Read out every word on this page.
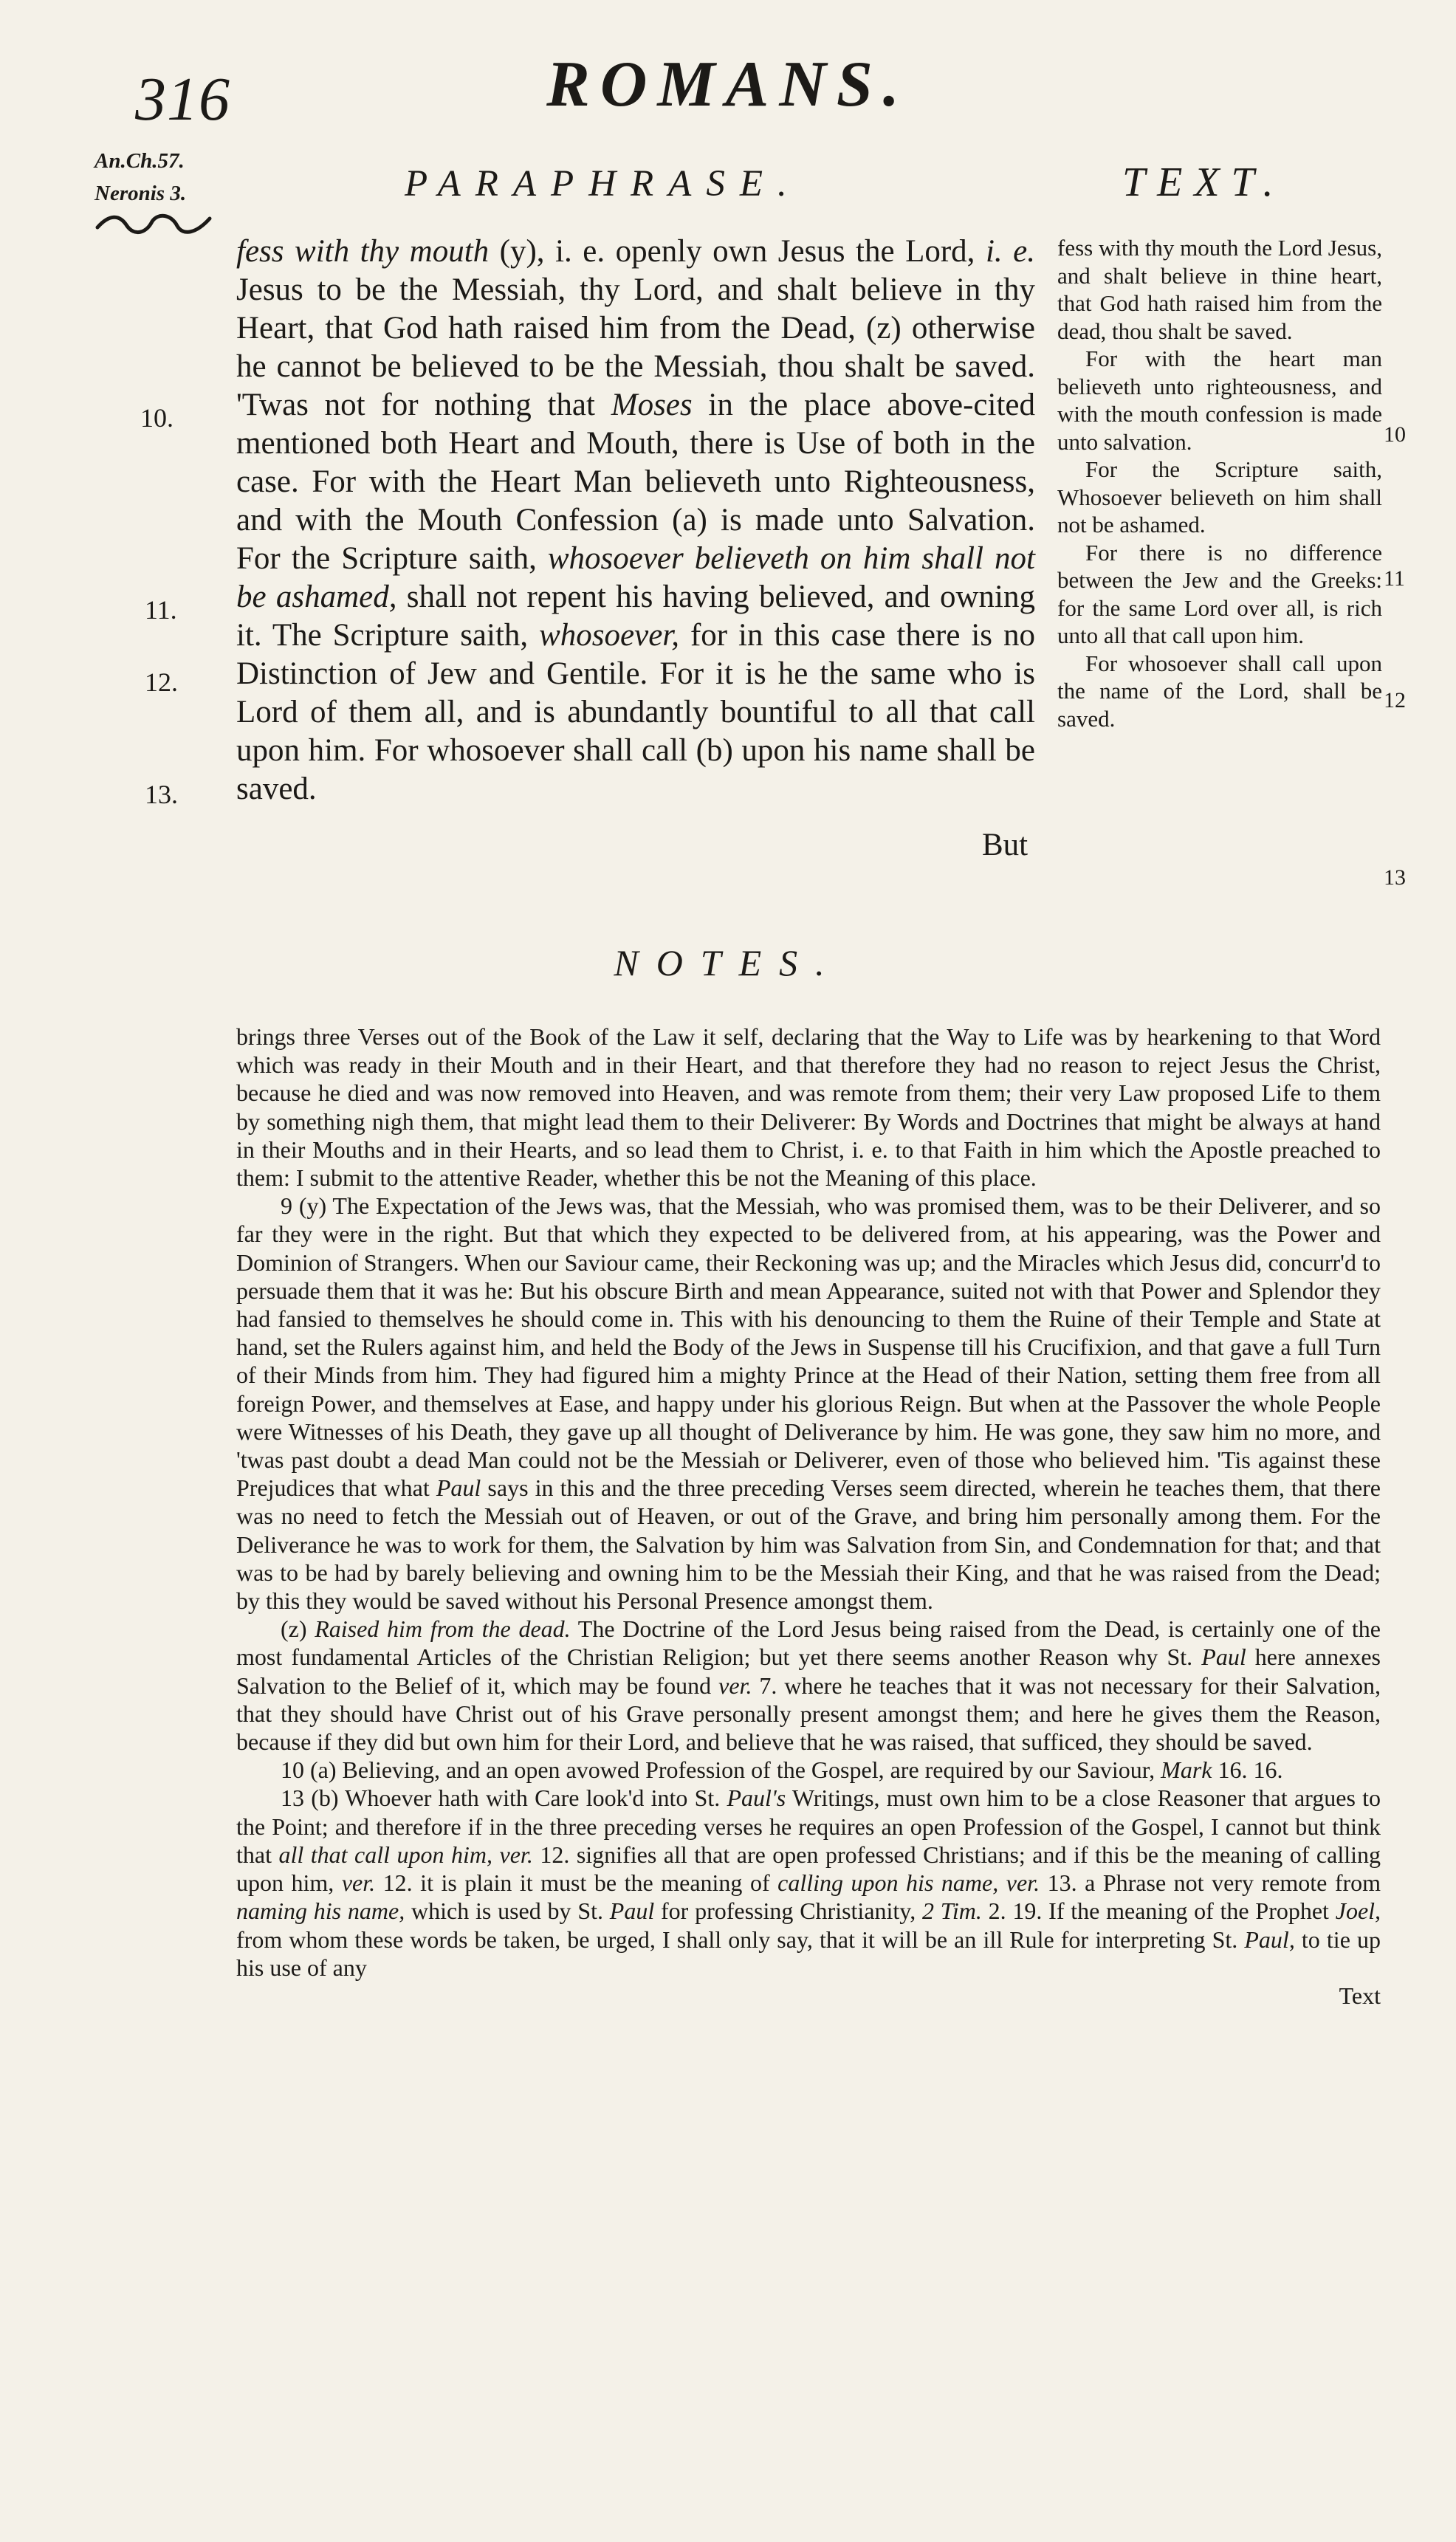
316	ROMANS.
An.Ch.57.
Neronis 3.	PARAPHRASE.	TEXT.
10.
11.
12.
13.

fess with thy mouth (y), i. e. openly own Jesus the Lord, i. e. Jesus to be the Messiah, thy Lord, and shalt believe in thy Heart, that God hath raised him from the Dead, (z) otherwise he cannot be believed to be the Messiah, thou shalt be saved. 'Twas not for nothing that Moses in the place above-cited mentioned both Heart and Mouth, there is Use of both in the case. For with the Heart Man believeth unto Righteousness, and with the Mouth Confession (a) is made unto Salvation. For the Scripture saith, whosoever believeth on him shall not be ashamed, shall not repent his having believed, and owning it. The Scripture saith, whosoever, for in this case there is no Distinction of Jew and Gentile. For it is he the same who is Lord of them all, and is abundantly bountiful to all that call upon him. For whosoever shall call (b) upon his name shall be saved.

But

fess with thy mouth the Lord Jesus, and shalt believe in thine heart, that God hath raised him from the dead, thou shalt be saved.

For with the heart man believeth unto righteousness, and with the mouth confession is made unto salvation.

For the Scripture saith, Whosoever believeth on him shall not be ashamed.

For there is no difference between the Jew and the Greeks: for the same Lord over all, is rich unto all that call upon him.

For whosoever shall call upon the name of the Lord, shall be saved.

10
11
12
13
NOTES.

brings three Verses out of the Book of the Law it self, declaring that the Way to Life was by hearkening to that Word which was ready in their Mouth and in their Heart, and that therefore they had no reason to reject Jesus the Christ, because he died and was now removed into Heaven, and was remote from them; their very Law proposed Life to them by something nigh them, that might lead them to their Deliverer: By Words and Doctrines that might be always at hand in their Mouths and in their Hearts, and so lead them to Christ, i. e. to that Faith in him which the Apostle preached to them: I submit to the attentive Reader, whether this be not the Meaning of this place.

9 (y) The Expectation of the Jews was, that the Messiah, who was promised them, was to be their Deliverer, and so far they were in the right. But that which they expected to be delivered from, at his appearing, was the Power and Dominion of Strangers. When our Saviour came, their Reckoning was up; and the Miracles which Jesus did, concurr'd to persuade them that it was he: But his obscure Birth and mean Appearance, suited not with that Power and Splendor they had fansied to themselves he should come in. This with his denouncing to them the Ruine of their Temple and State at hand, set the Rulers against him, and held the Body of the Jews in Suspense till his Crucifixion, and that gave a full Turn of their Minds from him. They had figured him a mighty Prince at the Head of their Nation, setting them free from all foreign Power, and themselves at Ease, and happy under his glorious Reign. But when at the Passover the whole People were Witnesses of his Death, they gave up all thought of Deliverance by him. He was gone, they saw him no more, and 'twas past doubt a dead Man could not be the Messiah or Deliverer, even of those who believed him. 'Tis against these Prejudices that what Paul says in this and the three preceding Verses seem directed, wherein he teaches them, that there was no need to fetch the Messiah out of Heaven, or out of the Grave, and bring him personally among them. For the Deliverance he was to work for them, the Salvation by him was Salvation from Sin, and Condemnation for that; and that was to be had by barely believing and owning him to be the Messiah their King, and that he was raised from the Dead; by this they would be saved without his Personal Presence amongst them.

(z) Raised him from the dead. The Doctrine of the Lord Jesus being raised from the Dead, is certainly one of the most fundamental Articles of the Christian Religion; but yet there seems another Reason why St. Paul here annexes Salvation to the Belief of it, which may be found ver. 7. where he teaches that it was not necessary for their Salvation, that they should have Christ out of his Grave personally present amongst them; and here he gives them the Reason, because if they did but own him for their Lord, and believe that he was raised, that sufficed, they should be saved.

10 (a) Believing, and an open avowed Profession of the Gospel, are required by our Saviour, Mark 16. 16.

13 (b) Whoever hath with Care look'd into St. Paul's Writings, must own him to be a close Reasoner that argues to the Point; and therefore if in the three preceding verses he requires an open Profession of the Gospel, I cannot but think that all that call upon him, ver. 12. signifies all that are open professed Christians; and if this be the meaning of calling upon him, ver. 12. it is plain it must be the meaning of calling upon his name, ver. 13. a Phrase not very remote from naming his name, which is used by St. Paul for professing Christianity, 2 Tim. 2. 19. If the meaning of the Prophet Joel, from whom these words be taken, be urged, I shall only say, that it will be an ill Rule for interpreting St. Paul, to tie up his use of any

Text
